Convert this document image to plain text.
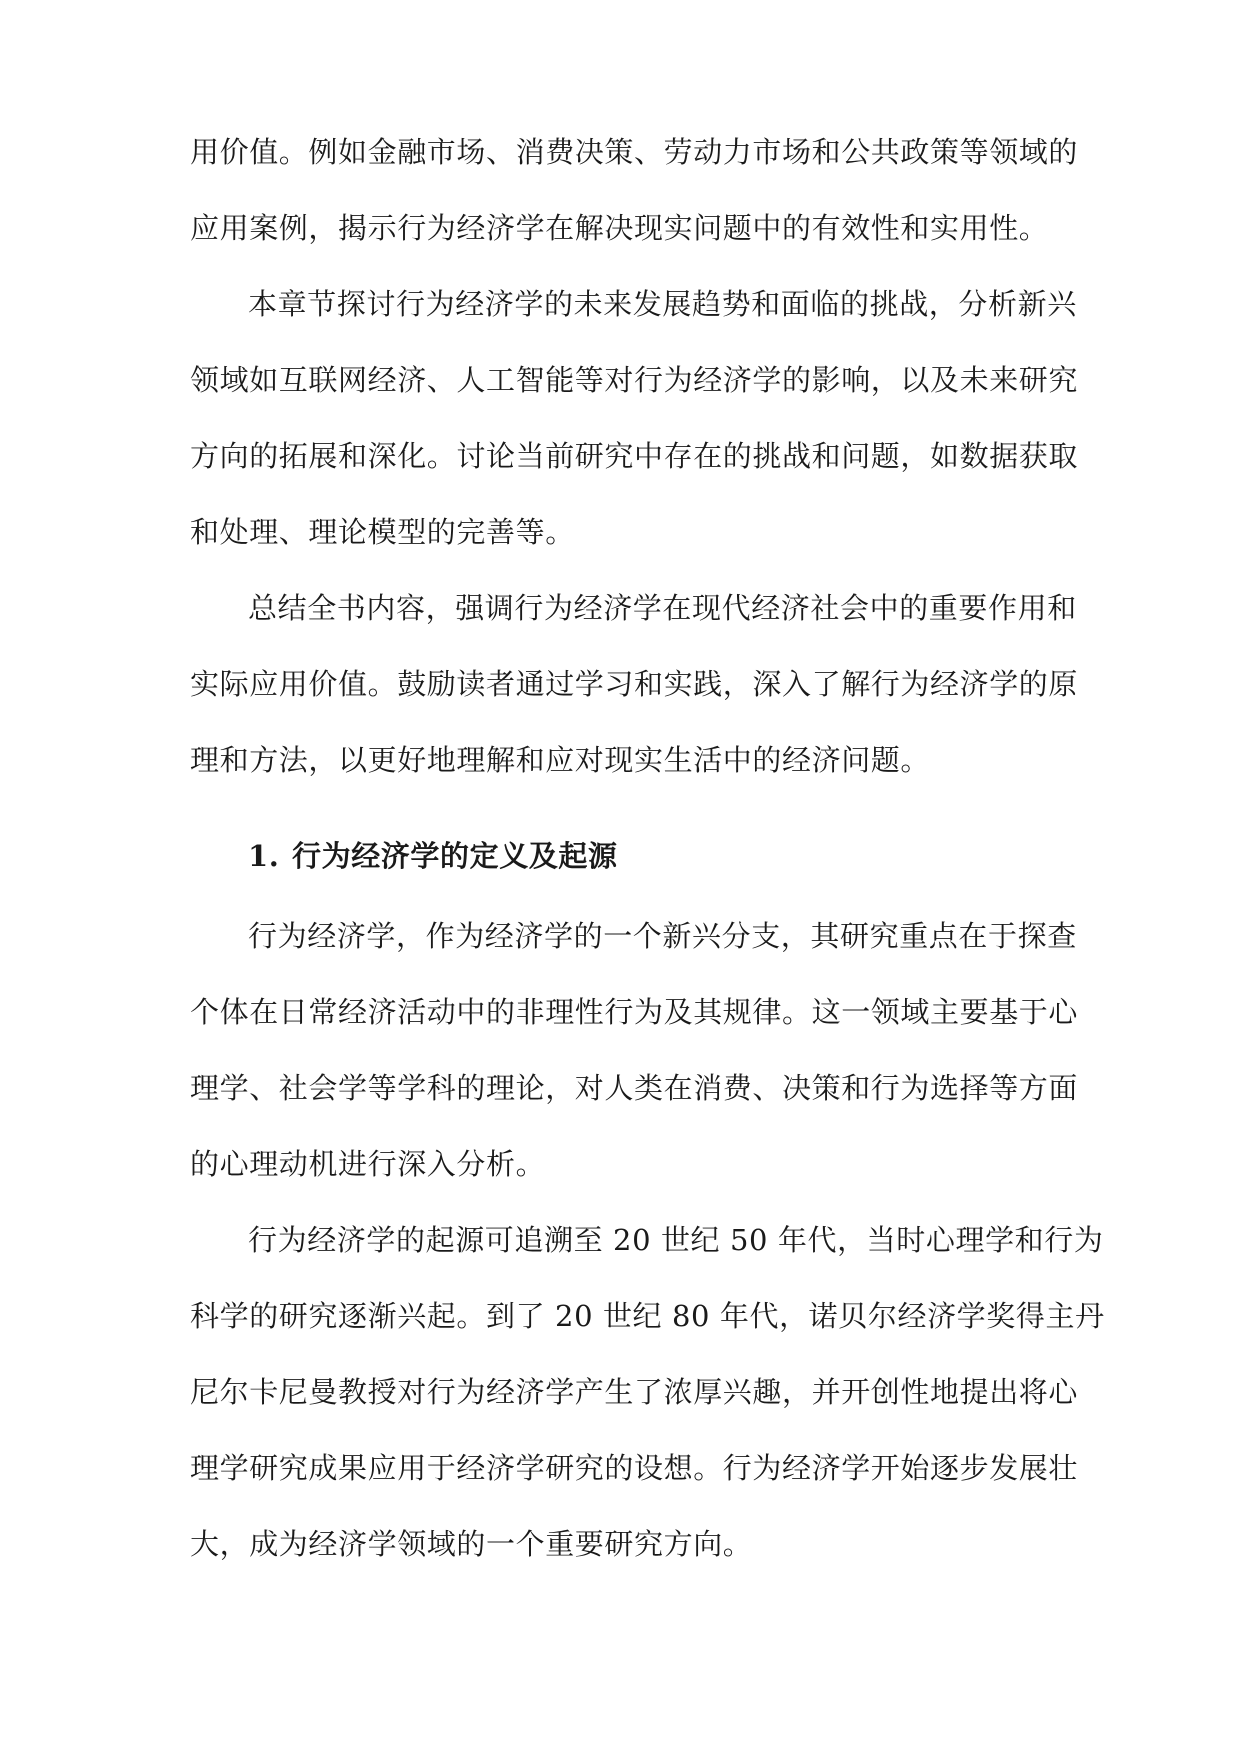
用价值。例如金融市场、消费决策、劳动力市场和公共政策等领域的
应用案例，揭示行为经济学在解决现实问题中的有效性和实用性。
本章节探讨行为经济学的未来发展趋势和面临的挑战，分析新兴
领域如互联网经济、人工智能等对行为经济学的影响，以及未来研究
方向的拓展和深化。讨论当前研究中存在的挑战和问题，如数据获取
和处理、理论模型的完善等。
总结全书内容，强调行为经济学在现代经济社会中的重要作用和
实际应用价值。鼓励读者通过学习和实践，深入了解行为经济学的原
理和方法，以更好地理解和应对现实生活中的经济问题。
1. 行为经济学的定义及起源
行为经济学，作为经济学的一个新兴分支，其研究重点在于探查
个体在日常经济活动中的非理性行为及其规律。这一领域主要基于心
理学、社会学等学科的理论，对人类在消费、决策和行为选择等方面
的心理动机进行深入分析。
行为经济学的起源可追溯至 20 世纪 50 年代，当时心理学和行为
科学的研究逐渐兴起。到了 20 世纪 80 年代，诺贝尔经济学奖得主丹
尼尔卡尼曼教授对行为经济学产生了浓厚兴趣，并开创性地提出将心
理学研究成果应用于经济学研究的设想。行为经济学开始逐步发展壮
大，成为经济学领域的一个重要研究方向。
